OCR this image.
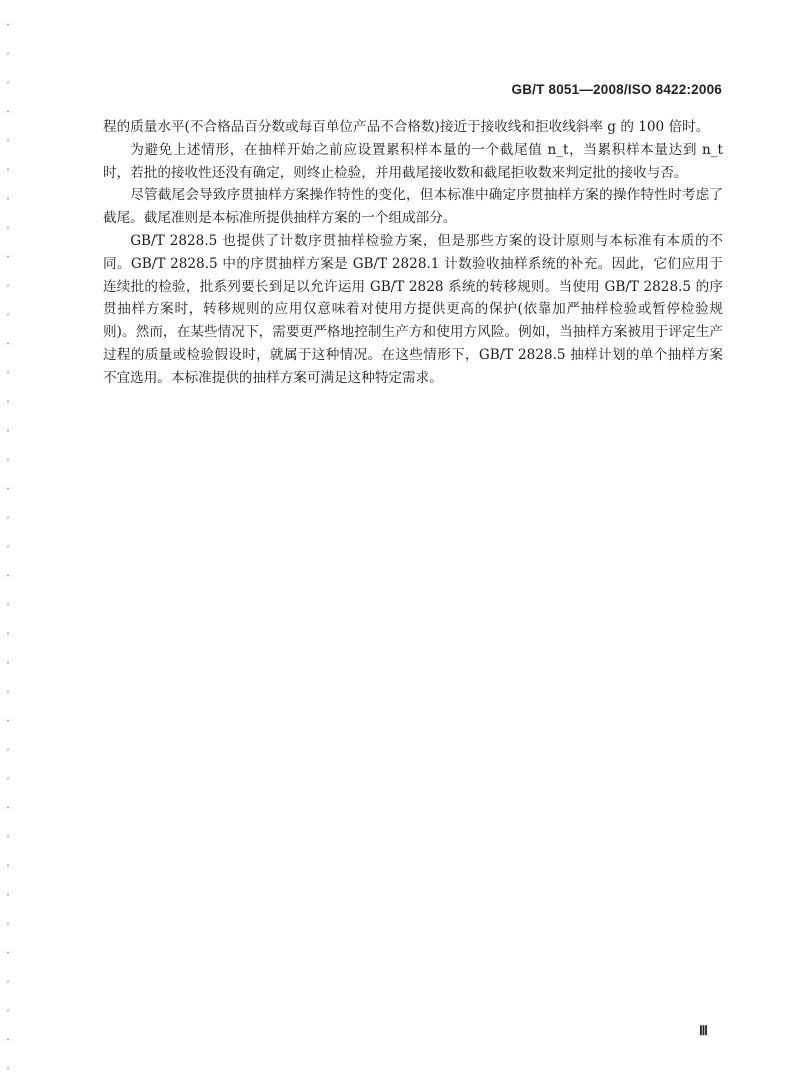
GB/T 8051—2008/ISO 8422:2006

程的质量水平(不合格品百分数或每百单位产品不合格数)接近于接收线和拒收线斜率 g 的 100 倍时。

为避免上述情形，在抽样开始之前应设置累积样本量的一个截尾值 n_t，当累积样本量达到 n_t 时，若批的接收性还没有确定，则终止检验，并用截尾接收数和截尾拒收数来判定批的接收与否。

尽管截尾会导致序贯抽样方案操作特性的变化，但本标准中确定序贯抽样方案的操作特性时考虑了截尾。截尾准则是本标准所提供抽样方案的一个组成部分。

GB/T 2828.5 也提供了计数序贯抽样检验方案，但是那些方案的设计原则与本标准有本质的不同。GB/T 2828.5 中的序贯抽样方案是 GB/T 2828.1 计数验收抽样系统的补充。因此，它们应用于连续批的检验，批系列要长到足以允许运用 GB/T 2828 系统的转移规则。当使用 GB/T 2828.5 的序贯抽样方案时，转移规则的应用仅意味着对使用方提供更高的保护(依靠加严抽样检验或暂停检验规则)。然而，在某些情况下，需要更严格地控制生产方和使用方风险。例如，当抽样方案被用于评定生产过程的质量或检验假设时，就属于这种情况。在这些情形下，GB/T 2828.5 抽样计划的单个抽样方案不宜选用。本标准提供的抽样方案可满足这种特定需求。

Ⅲ
